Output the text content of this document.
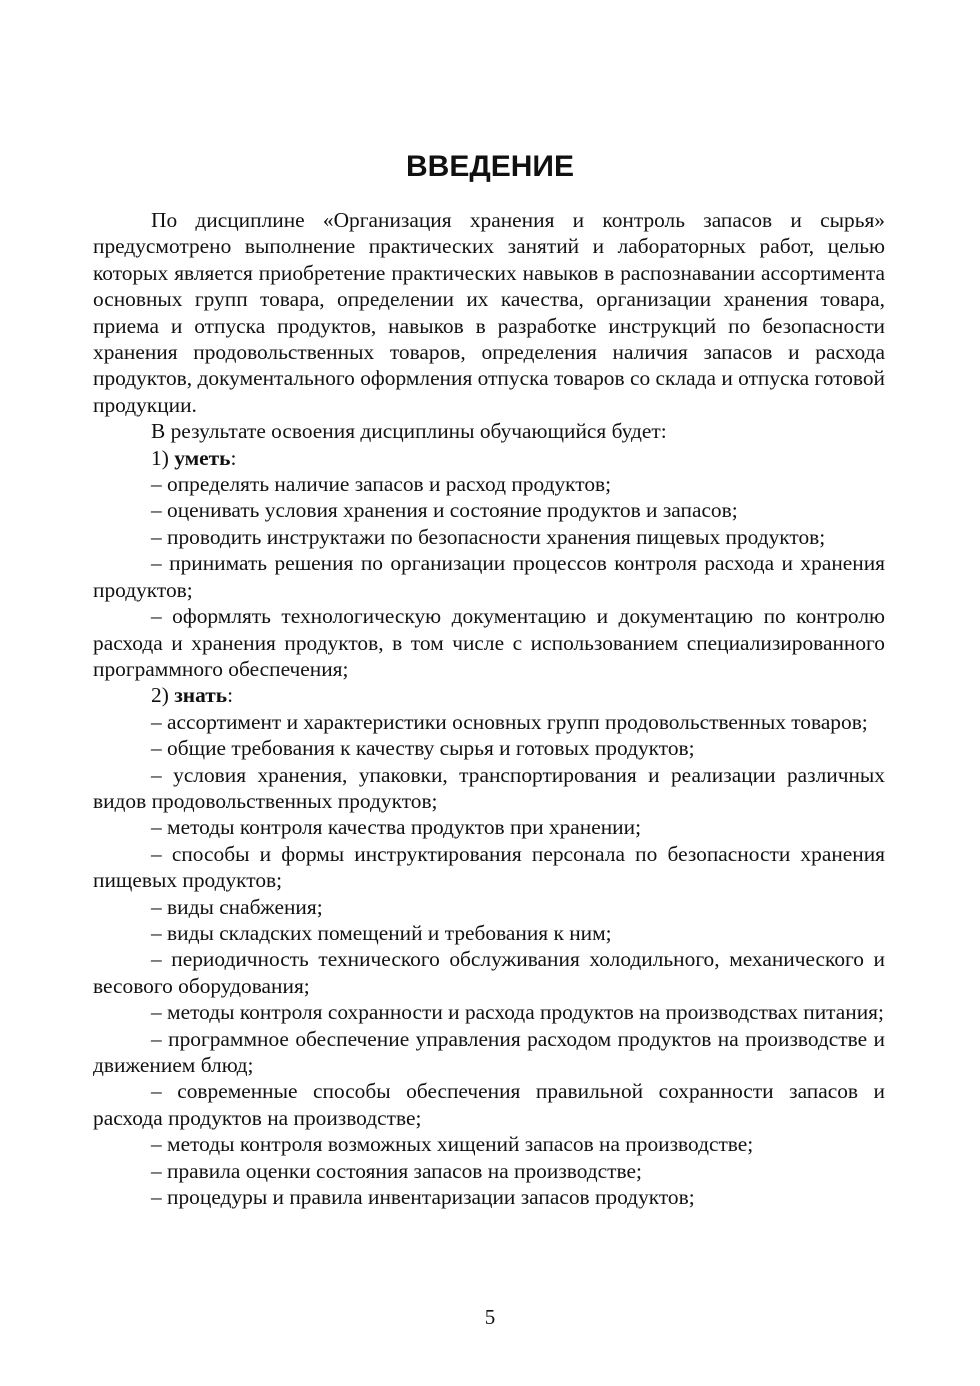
ВВЕДЕНИЕ

По дисциплине «Организация хранения и контроль запасов и сырья» предусмотрено выполнение практических занятий и лабораторных работ, целью которых является приобретение практических навыков в распознавании ассортимента основных групп товара, определении их качества, организации хранения товара, приема и отпуска продуктов, навыков в разработке инструкций по безопасности хранения продовольственных товаров, определения наличия запасов и расхода продуктов, документального оформления отпуска товаров со склада и отпуска готовой продукции.

В результате освоения дисциплины обучающийся будет:

1) уметь:

– определять наличие запасов и расход продуктов;

– оценивать условия хранения и состояние продуктов и запасов;

– проводить инструктажи по безопасности хранения пищевых продуктов;

– принимать решения по организации процессов контроля расхода и хранения продуктов;

– оформлять технологическую документацию и документацию по контролю расхода и хранения продуктов, в том числе с использованием специализированного программного обеспечения;

2) знать:

– ассортимент и характеристики основных групп продовольственных товаров;

– общие требования к качеству сырья и готовых продуктов;

– условия хранения, упаковки, транспортирования и реализации различных видов продовольственных продуктов;

– методы контроля качества продуктов при хранении;

– способы и формы инструктирования персонала по безопасности хранения пищевых продуктов;

– виды снабжения;

– виды складских помещений и требования к ним;

– периодичность технического обслуживания холодильного, механического и весового оборудования;

– методы контроля сохранности и расхода продуктов на производствах питания;

– программное обеспечение управления расходом продуктов на производстве и движением блюд;

– современные способы обеспечения правильной сохранности запасов и расхода продуктов на производстве;

– методы контроля возможных хищений запасов на производстве;

– правила оценки состояния запасов на производстве;

– процедуры и правила инвентаризации запасов продуктов;

5
